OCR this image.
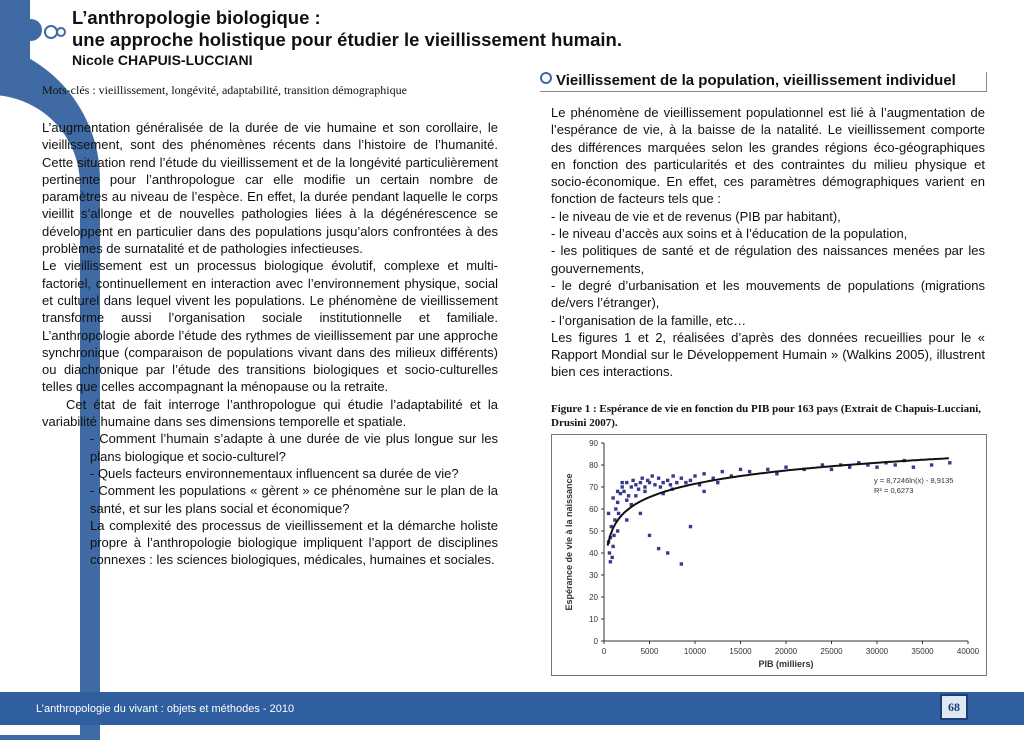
L’anthropologie biologique :
une approche holistique pour étudier le vieillissement humain.
Nicole CHAPUIS-LUCCIANI
Mots-clés : vieillissement, longévité, adaptabilité, transition démographique

L’augmentation généralisée de la durée de vie humaine et son corollaire, le vieillissement, sont des phénomènes récents dans l’histoire de l’humanité. Cette situation rend l’étude du vieillissement et de la longévité particulièrement pertinente pour l’anthropologue car elle modifie un certain nombre de paramètres au niveau de l’espèce. En effet, la durée pendant laquelle le corps vieillit s’allonge et de nouvelles pathologies liées à la dégénérescence se développent en particulier dans des populations jusqu’alors confrontées à des problèmes de surnatalité et de pathologies infectieuses.

Le vieillissement est un processus biologique évolutif, complexe et multi-factoriel, continuellement en interaction avec l’environnement physique, social et culturel dans lequel vivent les populations. Le phénomène de vieillissement transforme aussi l’organisation sociale institutionnelle et familiale. L’anthropologie aborde l’étude des rythmes de vieillissement par une approche synchronique (comparaison de populations vivant dans des milieux différents) ou diachronique par l’étude des transitions biologiques et socio-culturelles telles que celles accompagnant la ménopause ou la retraite.

Cet état de fait interroge l’anthropologue qui étudie l’adaptabilité et la variabilité humaine dans ses dimensions temporelle et spatiale.

- Comment l’humain s’adapte à une durée de vie plus longue sur les plans biologique et socio-culturel?

- Quels facteurs environnementaux influencent sa durée de vie?

- Comment les populations « gèrent » ce phénomène sur le plan de la santé, et sur les plans social et économique?

La complexité des processus de vieillissement et la démarche holiste propre à l’anthropologie biologique impliquent l’apport de disciplines connexes : les sciences biologiques, médicales, humaines et sociales.

Vieillissement de la population, vieillissement individuel

Le phénomène de vieillissement populationnel est lié à l’augmentation de l’espérance de vie, à la baisse de la natalité. Le vieillissement comporte des différences marquées selon les grandes régions éco-géographiques en fonction des particularités et des contraintes du milieu physique et socio-économique. En effet, ces paramètres démographiques varient en fonction de facteurs tels que :

- le niveau de vie et de revenus (PIB par habitant),

- le niveau d’accès aux soins et à l’éducation de la population,

- les politiques de santé et de régulation des naissances menées par les gouvernements,

- le degré d’urbanisation et les mouvements de populations (migrations de/vers l’étranger),

- l’organisation de la famille, etc…

Les figures 1 et 2, réalisées d’après des données recueillies pour le « Rapport Mondial sur le Développement Humain » (Walkins 2005), illustrent bien ces interactions.

Figure 1 : Espérance de vie en fonction du PIB pour 163 pays (Extrait de Chapuis-Lucciani, Drusini 2007).
0
10
20
30
40
50
60
70
80
90
0	5000	10000	15000	20000	25000	30000	35000	40000
PIB (milliers)
Espérance de vie à la naissance	y = 8,7246ln(x) - 8,9135
R² = 0,6273
L’anthropologie du vivant : objets et méthodes - 2010	68
